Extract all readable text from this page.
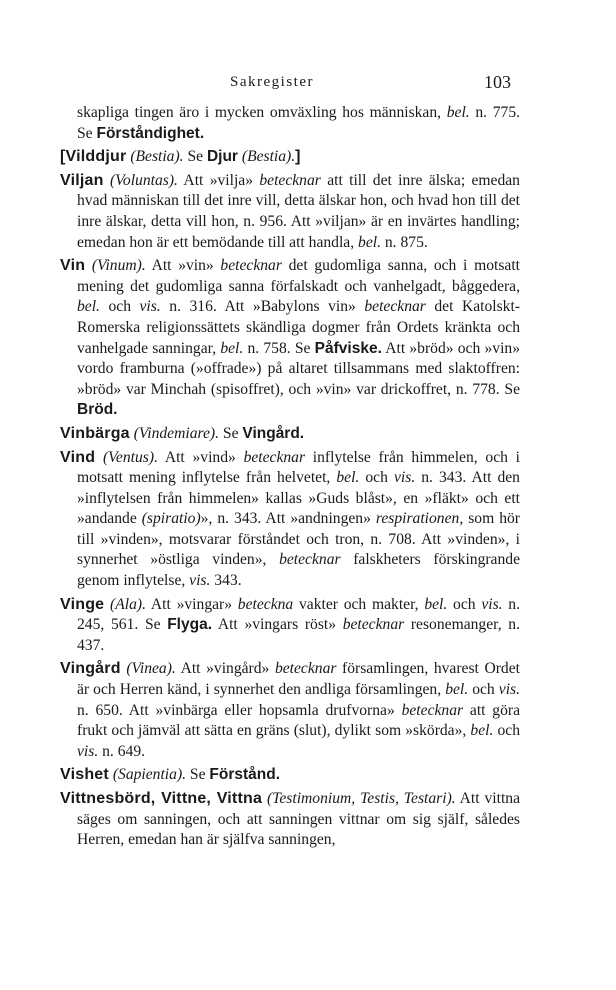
Sakregister	103

skapliga tingen äro i mycken omväxling hos människan, bel. n. 775. Se Förståndighet.

[Vilddjur (Bestia). Se Djur (Bestia).]

Viljan (Voluntas). Att »vilja» betecknar att till det inre älska; emedan hvad människan till det inre vill, detta älskar hon, och hvad hon till det inre älskar, detta vill hon, n. 956. Att »viljan» är en invärtes handling; emedan hon är ett bemödande till att handla, bel. n. 875.

Vin (Vinum). Att »vin» betecknar det gudomliga sanna, och i motsatt mening det gudomliga sanna förfalskadt och vanhelgadt, båggedera, bel. och vis. n. 316. Att »Babylons vin» betecknar det Katolskt-Romerska religionssättets skändliga dogmer från Ordets kränkta och vanhelgade sanningar, bel. n. 758. Se Påfviske. Att »bröd» och »vin» vordo framburna (»offrade») på altaret tillsammans med slaktoffren: »bröd» var Minchah (spisoffret), och »vin» var drickoffret, n. 778. Se Bröd.

Vinbärga (Vindemiare). Se Vingård.

Vind (Ventus). Att »vind» betecknar inflytelse från himmelen, och i motsatt mening inflytelse från helvetet, bel. och vis. n. 343. Att den »inflytelsen från himmelen» kallas »Guds blåst», en »fläkt» och ett »andande (spiratio)», n. 343. Att »andningen» respirationen, som hör till »vinden», motsvarar förståndet och tron, n. 708. Att »vinden», i synnerhet »östliga vinden», betecknar falskheters förskingrande genom inflytelse, vis. 343.

Vinge (Ala). Att »vingar» beteckna vakter och makter, bel. och vis. n. 245, 561. Se Flyga. Att »vingars röst» betecknar resonemanger, n. 437.

Vingård (Vinea). Att »vingård» betecknar församlingen, hvarest Ordet är och Herren känd, i synnerhet den andliga församlingen, bel. och vis. n. 650. Att »vinbärga eller hopsamla drufvorna» betecknar att göra frukt och jämväl att sätta en gräns (slut), dylikt som »skörda», bel. och vis. n. 649.

Vishet (Sapientia). Se Förstånd.

Vittnesbörd, Vittne, Vittna (Testimonium, Testis, Testari). Att vittna säges om sanningen, och att sanningen vittnar om sig själf, således Herren, emedan han är själfva sanningen,
